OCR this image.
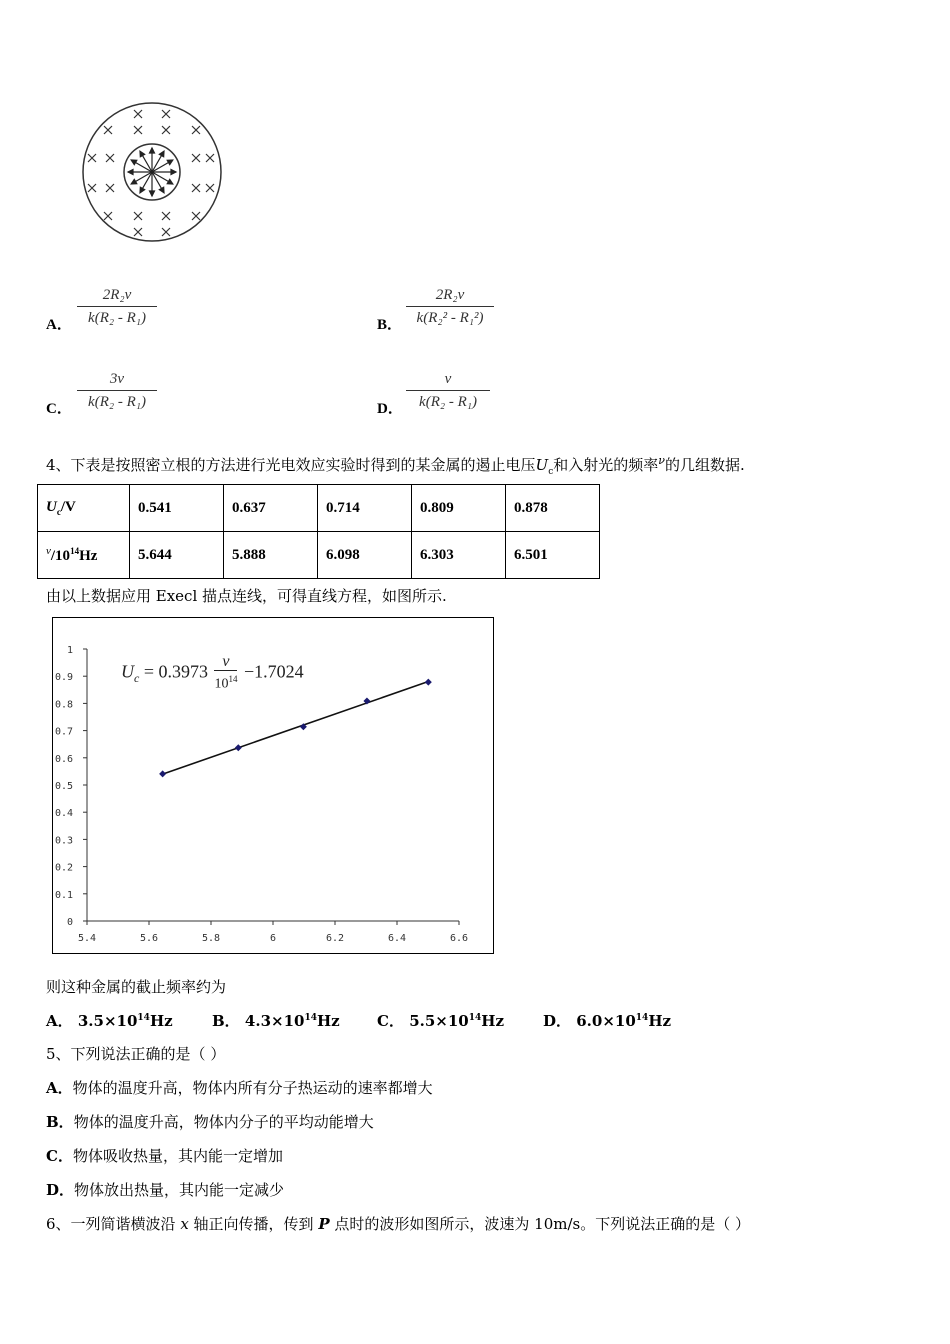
A．
2R₂v
k(R₂ - R₁)	B．
2R₂v
k(R₂² - R₁²)
C．
3v
k(R₂ - R₁)	D．
v
k(R₂ - R₁)
4、下表是按照密立根的方法进行光电效应实验时得到的某金属的遏止电压$U_c$和入射光的频率$^\nu$的几组数据.
$U_c/V$	0.541	0.637	0.714	0.809	0.878
$^\nu/10^{14}Hz$	5.644	5.888	6.098	6.303	6.501
由以上数据应用 Execl 描点连线，可得直线方程，如图所示.
0
0.1
0.2
0.3
0.4
0.5
0.6
0.7
0.8
0.9
1
5.4	5.6	5.8	6	6.2	6.4	6.6
$U_c = 0.3973 \frac{\nu}{10^{14}} -1.7024$
则这种金属的截止频率约为
A． $3.5\times 10^{14}Hz$	B． $4.3\times 10^{14}Hz$ C． $5.5\times 10^{14}Hz$	D． $6.0\times 10^{14}Hz$
5、下列说法正确的是（ ）
A．物体的温度升高，物体内所有分子热运动的速率都增大
B．物体的温度升高，物体内分子的平均动能增大
C．物体吸收热量，其内能一定增加
D．物体放出热量，其内能一定减少
6、一列简谐横波沿 x 轴正向传播，传到 P 点时的波形如图所示，波速为 10m/s。下列说法正确的是（ ）
